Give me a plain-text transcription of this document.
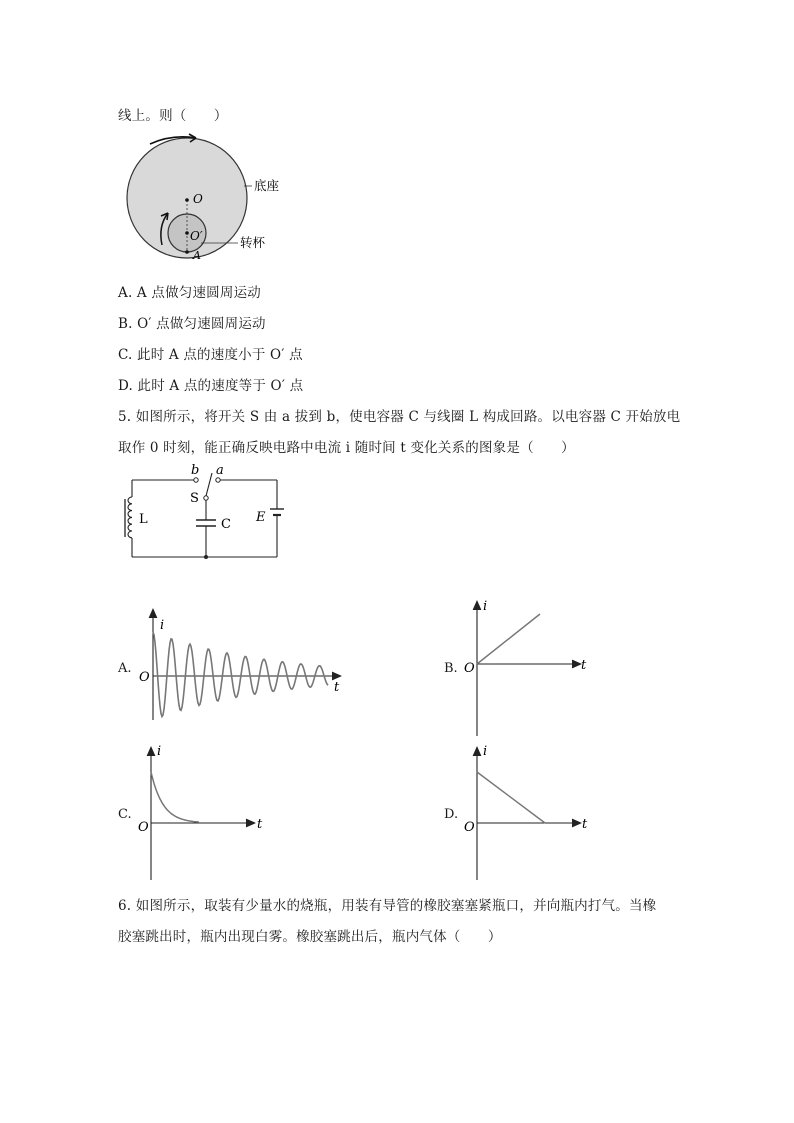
线上。则（　　）
O
O′
A
底座
转杯
A. A 点做匀速圆周运动
B. O′ 点做匀速圆周运动
C. 此时 A 点的速度小于 O′ 点
D. 此时 A 点的速度等于 O′ 点
5. 如图所示，将开关 S 由 a 拔到 b，使电容器 C 与线圈 L 构成回路。以电容器 C 开始放电
取作 0 时刻，能正确反映电路中电流 i 随时间 t 变化关系的图象是（　　）
b a
S
L	C E
A.
i
t
O
B.
i
t
O
C.
i
t
O
D.
i
t
O
6. 如图所示，取装有少量水的烧瓶，用装有导管的橡胶塞塞紧瓶口，并向瓶内打气。当橡
胶塞跳出时，瓶内出现白雾。橡胶塞跳出后，瓶内气体（　　）
